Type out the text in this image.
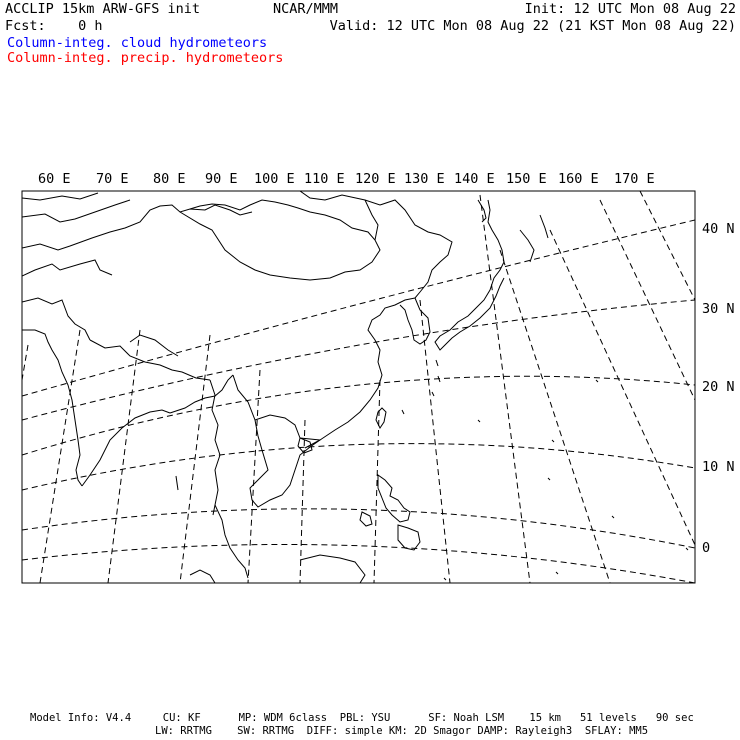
ACCLIP 15km ARW-GFS init
Fcst:    0 h
NCAR/MMM	Init: 12 UTC Mon 08 Aug 22
Valid: 12 UTC Mon 08 Aug 22 (21 KST Mon 08 Aug 22)
Column-integ. cloud hydrometeors
Column-integ. precip. hydrometeors
60 E 70 E 80 E 90 E 100 E 110 E 120 E 130 E 140 E 150 E 160 E 170 E
40 N
30 N
20 N
10 N
0
Model Info: V4.4     CU: KF      MP: WDM 6class  PBL: YSU      SF: Noah LSM    15 km   51 levels   90 sec
LW: RRTMG    SW: RRTMG  DIFF: simple KM: 2D Smagor DAMP: Rayleigh3  SFLAY: MM5
